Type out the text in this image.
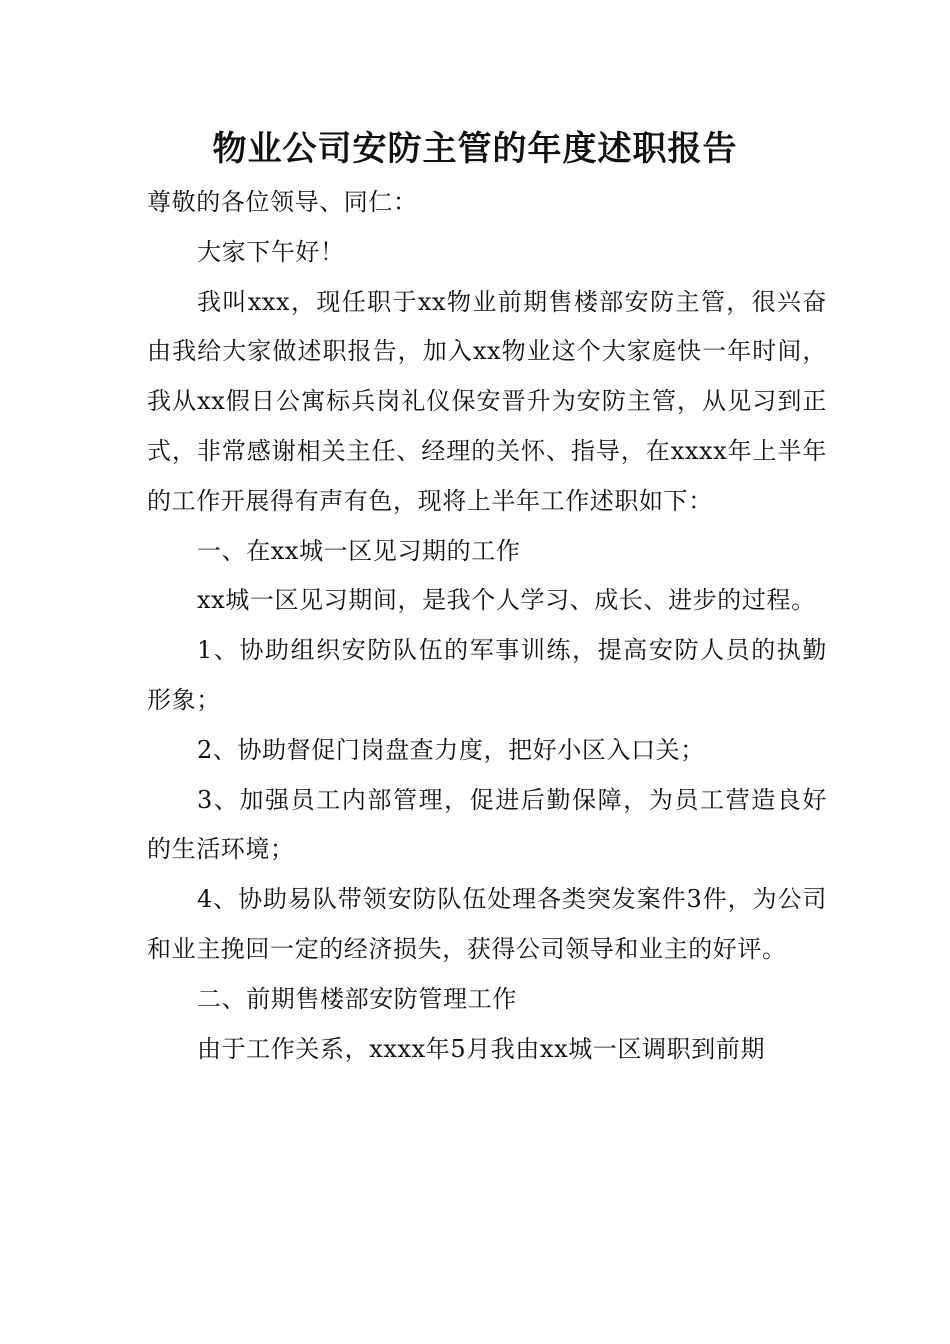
物业公司安防主管的年度述职报告

尊敬的各位领导、同仁：

大家下午好！

我叫xxx，现任职于xx物业前期售楼部安防主管，很兴奋由我给大家做述职报告，加入xx物业这个大家庭快一年时间，我从xx假日公寓标兵岗礼仪保安晋升为安防主管，从见习到正式，非常感谢相关主任、经理的关怀、指导，在xxxx年上半年的工作开展得有声有色，现将上半年工作述职如下：

一、在xx城一区见习期的工作

xx城一区见习期间，是我个人学习、成长、进步的过程。

1、协助组织安防队伍的军事训练，提高安防人员的执勤形象；

2、协助督促门岗盘查力度，把好小区入口关；

3、加强员工内部管理，促进后勤保障，为员工营造良好的生活环境；

4、协助易队带领安防队伍处理各类突发案件3件，为公司和业主挽回一定的经济损失，获得公司领导和业主的好评。

二、前期售楼部安防管理工作

由于工作关系，xxxx年5月我由xx城一区调职到前期
